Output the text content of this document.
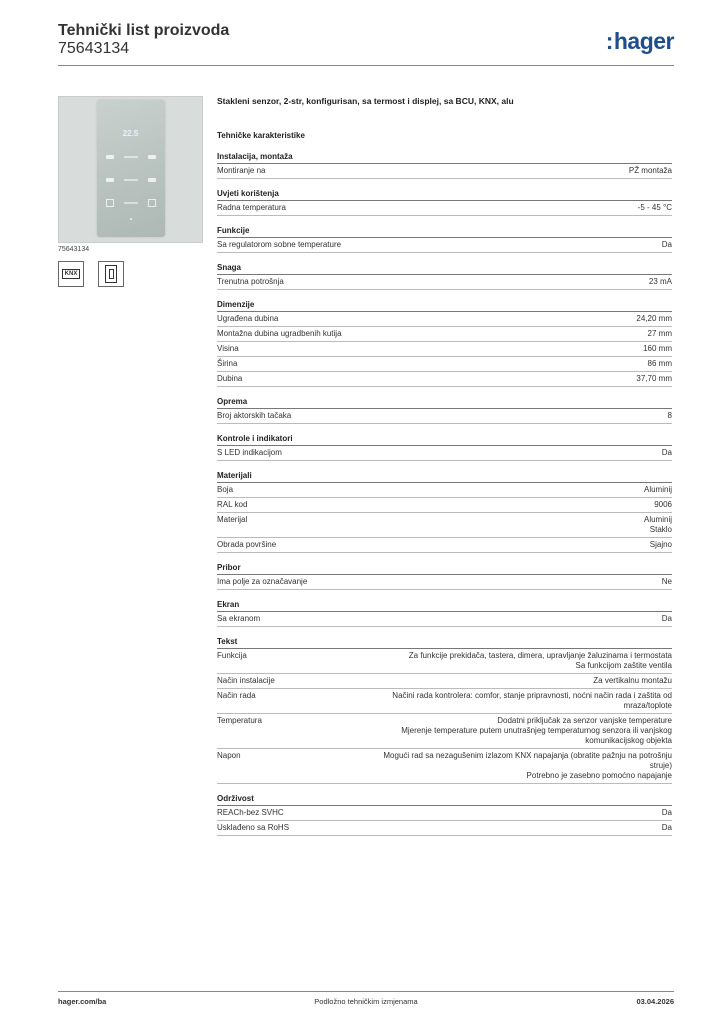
Tehnički list proizvoda
75643134	:hager
22.5
75643134
KNX
Stakleni senzor, 2-str, konfigurisan, sa termost i displej, sa BCU, KNX, alu
Tehničke karakteristike
Instalacija, montaža
Montiranje na	PŽ montaža
Uvjeti korištenja
Radna temperatura	-5 - 45 °C
Funkcije
Sa regulatorom sobne temperature	Da
Snaga
Trenutna potrošnja	23 mA
Dimenzije
Ugrađena dubina	24,20 mm
Montažna dubina ugradbenih kutija	27 mm
Visina	160 mm
Širina	86 mm
Dubina	37,70 mm
Oprema
Broj aktorskih tačaka	8
Kontrole i indikatori
S LED indikacijom	Da
Materijali
Boja	Aluminij
RAL kod	9006
Materijal	Aluminij
Staklo
Obrada površine	Sjajno
Pribor
Ima polje za označavanje	Ne
Ekran
Sa ekranom	Da
Tekst
Funkcija	Za funkcije prekidača, tastera, dimera, upravljanje žaluzinama i termostata
Sa funkcijom zaštite ventila
Način instalacije	Za vertikalnu montažu
Način rada	Načini rada kontrolera: comfor, stanje pripravnosti, noćni način rada i zaštita od mraza/toplote
Temperatura	Dodatni priključak za senzor vanjske temperature
Mjerenje temperature putem unutrašnjeg temperaturnog senzora ili vanjskog komunikacijskog objekta
Napon	Mogući rad sa nezagušenim izlazom KNX napajanja (obratite pažnju na potrošnju struje)
Potrebno je zasebno pomoćno napajanje
Održivost
REACh-bez SVHC	Da
Usklađeno sa RoHS	Da
hager.com/ba	Podložno tehničkim izmjenama	03.04.2026
